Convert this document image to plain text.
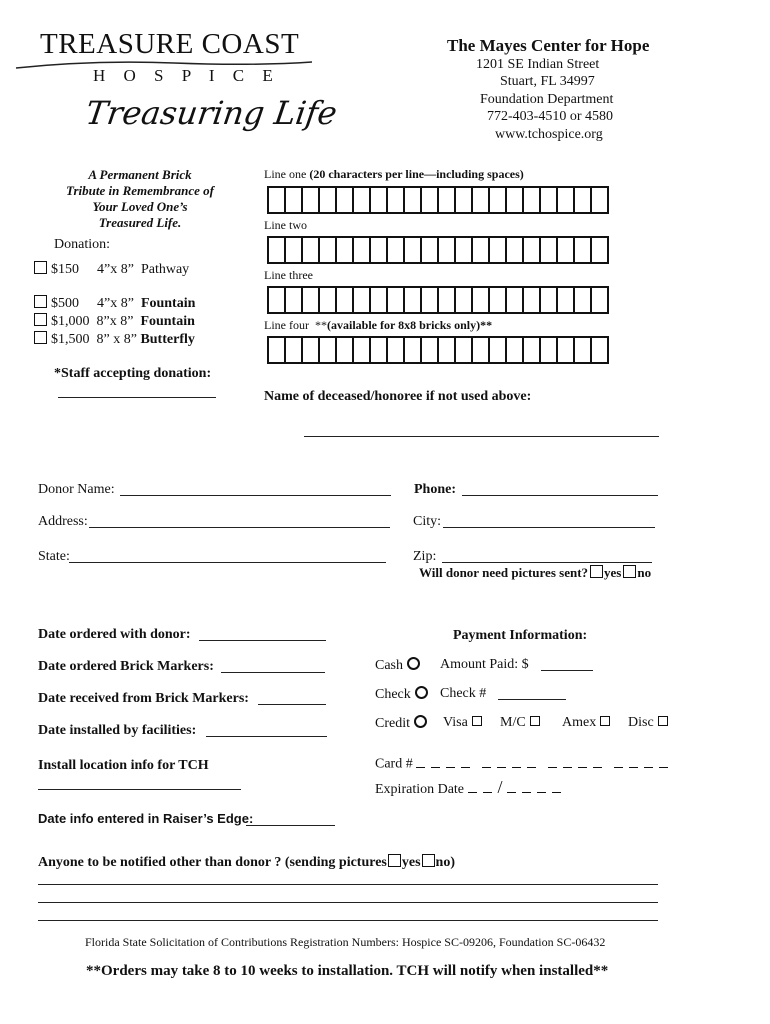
TREASURE COAST
H O S P I C E
Treasuring Life
The Mayes Center for Hope
1201 SE Indian Street
Stuart, FL 34997
Foundation Department
772-403-4510 or 4580
www.tchospice.org
A Permanent Brick
Tribute in Remembrance of
Your Loved One’s
Treasured Life.
Donation:
$150 4”x 8” Pathway
$500 4”x 8” Fountain
$1,000 8”x 8” Fountain
$1,500 8” x 8” Butterfly
*Staff accepting donation:
Line one (20 characters per line—including spaces)
Line two
Line three
Line four **(available for 8x8 bricks only)**
Name of deceased/honoree if not used above:
Donor Name:	Phone:
Address:	City:
State:	Zip:
Will donor need pictures sent? yes no
Date ordered with donor:
Date ordered Brick Markers:
Date received from Brick Markers:
Date installed by facilities:
Install location info for TCH
Date info entered in Raiser’s Edge:
Payment Information:
Cash	Amount Paid: $
Check	Check #
Credit	Visa	M/C	Amex	Disc
Card #
Expiration Date /
Anyone to be notified other than donor ? (sending pictures yes no)
Florida State Solicitation of Contributions Registration Numbers: Hospice SC-09206, Foundation SC-06432
**Orders may take 8 to 10 weeks to installation. TCH will notify when installed**
